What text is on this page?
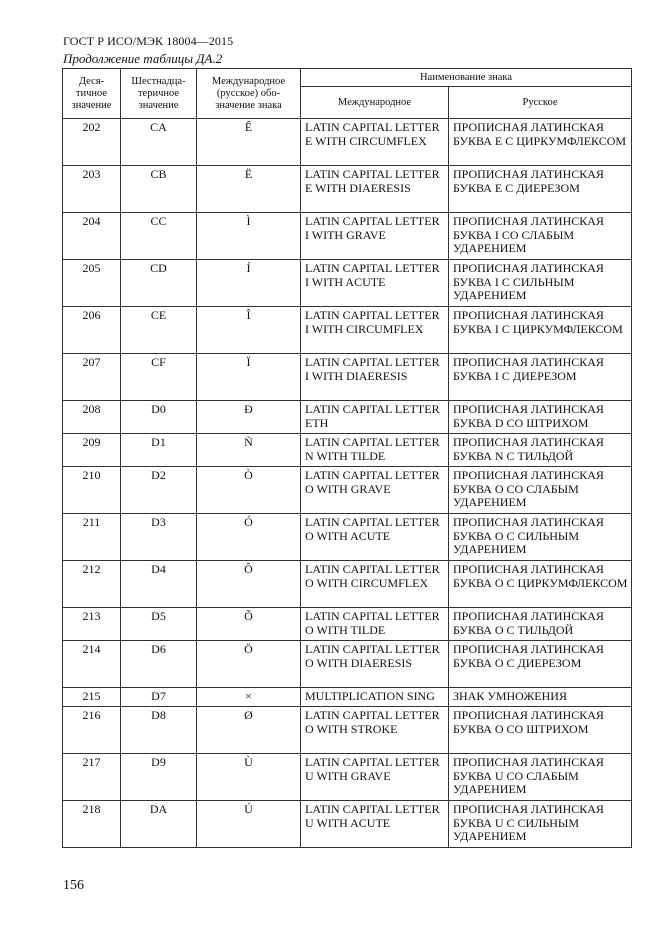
ГОСТ Р ИСО/МЭК 18004—2015
Продолжение таблицы ДА.2
Деся-
тичное
значение	Шестнадца-
теричное
значение	Международное
(русское) обо-
значение знака	Наименование знака	
			Международное	Русское
202	CA	Ê	LATIN CAPITAL LETTER E WITH CIRCUMFLEX	ПРОПИСНАЯ ЛАТИНСКАЯ БУКВА E С ЦИРКУМФЛЕКСОМ
203	CB	Ë	LATIN CAPITAL LETTER E WITH DIAERESIS	ПРОПИСНАЯ ЛАТИНСКАЯ БУКВА E С ДИЕРЕЗОМ
204	CC	Ì	LATIN CAPITAL LETTER I WITH GRAVE	ПРОПИСНАЯ ЛАТИНСКАЯ БУКВА I СО СЛАБЫМ УДАРЕНИЕМ
205	CD	Í	LATIN CAPITAL LETTER I WITH ACUTE	ПРОПИСНАЯ ЛАТИНСКАЯ БУКВА I С СИЛЬНЫМ УДАРЕНИЕМ
206	CE	Î	LATIN CAPITAL LETTER I WITH CIRCUMFLEX	ПРОПИСНАЯ ЛАТИНСКАЯ БУКВА I С ЦИРКУМФЛЕКСОМ
207	CF	Ï	LATIN CAPITAL LETTER I WITH DIAERESIS	ПРОПИСНАЯ ЛАТИНСКАЯ БУКВА I С ДИЕРЕЗОМ
208	D0	Ð	LATIN CAPITAL LETTER ETH	ПРОПИСНАЯ ЛАТИНСКАЯ БУКВА D СО ШТРИХОМ
209	D1	Ñ	LATIN CAPITAL LETTER N WITH TILDE	ПРОПИСНАЯ ЛАТИНСКАЯ БУКВА N С ТИЛЬДОЙ
210	D2	Ò	LATIN CAPITAL LETTER O WITH GRAVE	ПРОПИСНАЯ ЛАТИНСКАЯ БУКВА O СО СЛАБЫМ УДАРЕНИЕМ
211	D3	Ó	LATIN CAPITAL LETTER O WITH ACUTE	ПРОПИСНАЯ ЛАТИНСКАЯ БУКВА O С СИЛЬНЫМ УДАРЕНИЕМ
212	D4	Ô	LATIN CAPITAL LETTER O WITH CIRCUMFLEX	ПРОПИСНАЯ ЛАТИНСКАЯ БУКВА O С ЦИРКУМФЛЕКСОМ
213	D5	Õ	LATIN CAPITAL LETTER O WITH TILDE	ПРОПИСНАЯ ЛАТИНСКАЯ БУКВА O С ТИЛЬДОЙ
214	D6	Ö	LATIN CAPITAL LETTER O WITH DIAERESIS	ПРОПИСНАЯ ЛАТИНСКАЯ БУКВА O С ДИЕРЕЗОМ
215	D7	×	MULTIPLICATION SING	ЗНАК УМНОЖЕНИЯ
216	D8	Ø	LATIN CAPITAL LETTER O WITH STROKE	ПРОПИСНАЯ ЛАТИНСКАЯ БУКВА O СО ШТРИХОМ
217	D9	Ù	LATIN CAPITAL LETTER U WITH GRAVE	ПРОПИСНАЯ ЛАТИНСКАЯ БУКВА U СО СЛАБЫМ УДАРЕНИЕМ
218	DA	Ú	LATIN CAPITAL LETTER U WITH ACUTE	ПРОПИСНАЯ ЛАТИНСКАЯ БУКВА U С СИЛЬНЫМ УДАРЕНИЕМ
156
